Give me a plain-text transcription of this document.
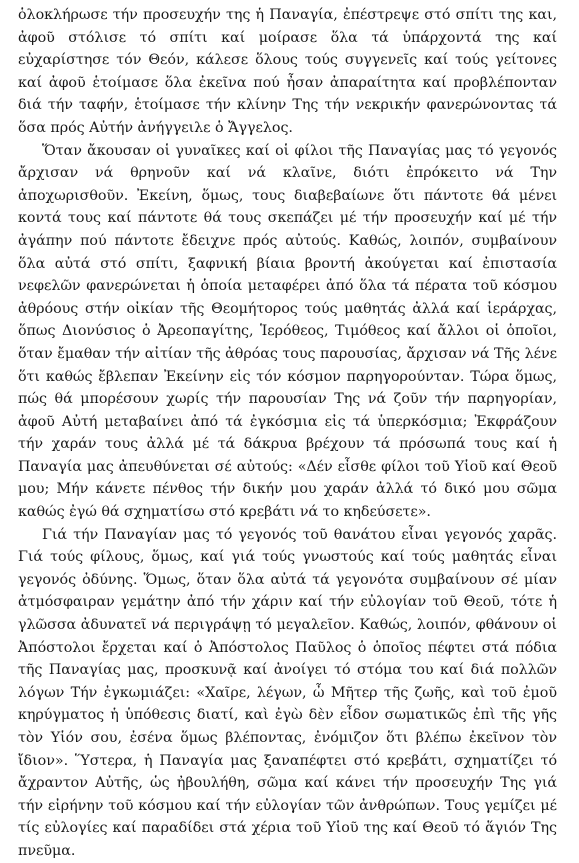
ὁλοκλήρωσε τήν προσευχήν της ἡ Παναγία, ἐπέστρεψε στό σπίτι της και, ἀφοῦ στόλισε τό σπίτι καί μοίρασε ὅλα τά ὑπάρχοντά της καί εὐχαρίστησε τόν Θεόν, κάλεσε ὅλους τούς συγγενεῖς καί τούς γείτονες καί ἀφοῦ ἑτοίμασε ὅλα ἐκεῖνα πού ἦσαν ἀπαραίτητα καί προβλέπονταν διά τήν ταφήν, ἑτοίμασε τήν κλίνην Της τήν νεκρικήν φανερώνοντας τά ὅσα πρός Αὐτήν ἀνήγγειλε ὁ Ἄγγελος.

Ὅταν ἄκουσαν οἱ γυναῖκες καί οἱ φίλοι τῆς Παναγίας μας τό γεγονός ἄρχισαν νά θρηνοῦν καί νά κλαῖνε, διότι ἐπρόκειτο νά Την ἀποχωρισθοῦν. Ἐκείνη, ὅμως, τους διαβεβαίωνε ὅτι πάντοτε θά μένει κοντά τους καί πάντοτε θά τους σκεπάζει μέ τήν προσευχήν καί μέ τήν ἀγάπην πού πάντοτε ἔδειχνε πρός αὐτούς. Καθώς, λοιπόν, συμβαίνουν ὅλα αὐτά στό σπίτι, ξαφνική βίαια βροντή ἀκούγεται καί ἐπιστασία νεφελῶν φανερώνεται ἡ ὁποία μεταφέρει ἀπό ὅλα τά πέρατα τοῦ κόσμου ἀθρόους στήν οἰκίαν τῆς Θεομήτορος τούς μαθητάς ἀλλά καί ἱεράρχας, ὅπως Διονύσιος ὁ Ἀρεοπαγίτης, Ἱερόθεος, Τιμόθεος καί ἄλλοι οἱ ὁποῖοι, ὅταν ἔμαθαν τήν αἰτίαν τῆς ἀθρόας τους παρουσίας, ἄρχισαν νά Τῆς λένε ὅτι καθώς ἔβλεπαν Ἐκείνην εἰς τόν κόσμον παρηγορούνταν. Τώρα ὅμως, πώς θά μπορέσουν χωρίς τήν παρουσίαν Της νά ζοῦν τήν παρηγορίαν, ἀφοῦ Αὐτή μεταβαίνει ἀπό τά ἐγκόσμια εἰς τά ὑπερκόσμια; Ἐκφράζουν τήν χαράν τους ἀλλά μέ τά δάκρυα βρέχουν τά πρόσωπά τους καί ἡ Παναγία μας ἀπευθύνεται σέ αὐτούς: «Δέν εἶσθε φίλοι τοῦ Υἱοῦ καί Θεοῦ μου; Μήν κάνετε πένθος τήν δικήν μου χαράν ἀλλά τό δικό μου σῶμα καθώς ἐγώ θά σχηματίσω στό κρεβάτι νά το κηδεύσετε».

Γιά τήν Παναγίαν μας τό γεγονός τοῦ θανάτου εἶναι γεγονός χαρᾶς. Γιά τούς φίλους, ὅμως, καί γιά τούς γνωστούς καί τούς μαθητάς εἶναι γεγονός ὀδύνης. Ὅμως, ὅταν ὅλα αὐτά τά γεγονότα συμβαίνουν σέ μίαν ἀτμόσφαιραν γεμάτην ἀπό τήν χάριν καί τήν εὐλογίαν τοῦ Θεοῦ, τότε ἡ γλῶσσα ἀδυνατεῖ νά περιγράψῃ τό μεγαλεῖον. Καθώς, λοιπόν, φθάνουν οἱ Ἀπόστολοι ἔρχεται καί ὁ Ἀπόστολος Παῦλος ὁ ὁποῖος πέφτει στά πόδια τῆς Παναγίας μας, προσκυνᾷ καί ἀνοίγει τό στόμα του καί διά πολλῶν λόγων Τήν ἐγκωμιάζει: «Χαῖρε, λέγων, ὦ Μῆτερ τῆς ζωῆς, καὶ τοῦ ἐμοῦ κηρύγματος ἡ ὑπόθεσις διατί, καὶ ἐγὼ δὲν εἶδον σωματικῶς ἐπὶ τῆς γῆς τὸν Υἱόν σου, ἐσένα ὅμως βλέποντας, ἐνόμιζον ὅτι βλέπω ἐκεῖνον τὸν ἴδιον». Ὕστερα, ἡ Παναγία μας ξαναπέφτει στό κρεβάτι, σχηματίζει τό ἄχραντον Αὐτῆς, ὡς ἠβουλήθη, σῶμα καί κάνει τήν προσευχήν Της γιά τήν εἰρήνην τοῦ κόσμου καί τήν εὐλογίαν τῶν ἀνθρώπων. Τους γεμίζει μέ τίς εὐλογίες καί παραδίδει στά χέρια τοῦ Υἱοῦ της καί Θεοῦ τό ἅγιόν Της πνεῦμα.
